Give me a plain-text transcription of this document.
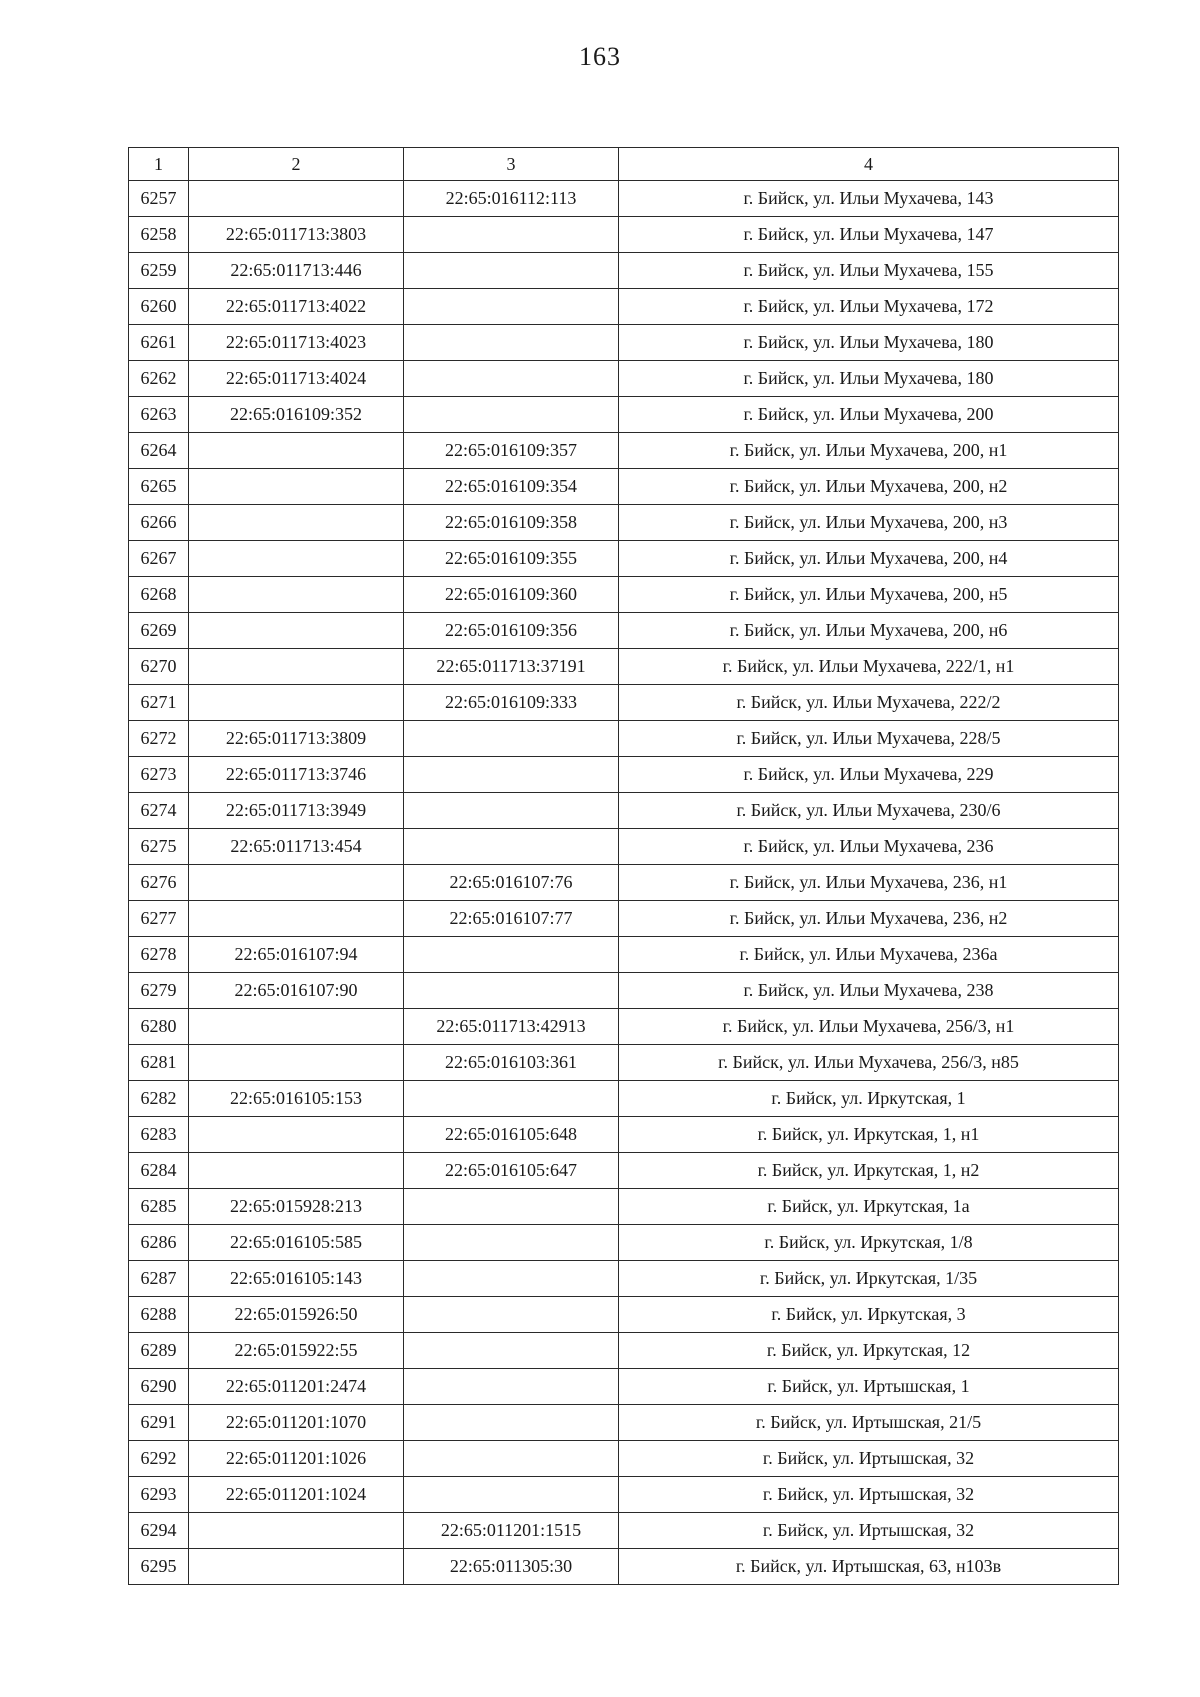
163
1	2	3	4
6257		22:65:016112:113	г. Бийск, ул. Ильи Мухачева, 143
6258	22:65:011713:3803		г. Бийск, ул. Ильи Мухачева, 147
6259	22:65:011713:446		г. Бийск, ул. Ильи Мухачева, 155
6260	22:65:011713:4022		г. Бийск, ул. Ильи Мухачева, 172
6261	22:65:011713:4023		г. Бийск, ул. Ильи Мухачева, 180
6262	22:65:011713:4024		г. Бийск, ул. Ильи Мухачева, 180
6263	22:65:016109:352		г. Бийск, ул. Ильи Мухачева, 200
6264		22:65:016109:357	г. Бийск, ул. Ильи Мухачева, 200, н1
6265		22:65:016109:354	г. Бийск, ул. Ильи Мухачева, 200, н2
6266		22:65:016109:358	г. Бийск, ул. Ильи Мухачева, 200, н3
6267		22:65:016109:355	г. Бийск, ул. Ильи Мухачева, 200, н4
6268		22:65:016109:360	г. Бийск, ул. Ильи Мухачева, 200, н5
6269		22:65:016109:356	г. Бийск, ул. Ильи Мухачева, 200, н6
6270		22:65:011713:37191	г. Бийск, ул. Ильи Мухачева, 222/1, н1
6271		22:65:016109:333	г. Бийск, ул. Ильи Мухачева, 222/2
6272	22:65:011713:3809		г. Бийск, ул. Ильи Мухачева, 228/5
6273	22:65:011713:3746		г. Бийск, ул. Ильи Мухачева, 229
6274	22:65:011713:3949		г. Бийск, ул. Ильи Мухачева, 230/6
6275	22:65:011713:454		г. Бийск, ул. Ильи Мухачева, 236
6276		22:65:016107:76	г. Бийск, ул. Ильи Мухачева, 236, н1
6277		22:65:016107:77	г. Бийск, ул. Ильи Мухачева, 236, н2
6278	22:65:016107:94		г. Бийск, ул. Ильи Мухачева, 236а
6279	22:65:016107:90		г. Бийск, ул. Ильи Мухачева, 238
6280		22:65:011713:42913	г. Бийск, ул. Ильи Мухачева, 256/3, н1
6281		22:65:016103:361	г. Бийск, ул. Ильи Мухачева, 256/3, н85
6282	22:65:016105:153		г. Бийск, ул. Иркутская, 1
6283		22:65:016105:648	г. Бийск, ул. Иркутская, 1, н1
6284		22:65:016105:647	г. Бийск, ул. Иркутская, 1, н2
6285	22:65:015928:213		г. Бийск, ул. Иркутская, 1а
6286	22:65:016105:585		г. Бийск, ул. Иркутская, 1/8
6287	22:65:016105:143		г. Бийск, ул. Иркутская, 1/35
6288	22:65:015926:50		г. Бийск, ул. Иркутская, 3
6289	22:65:015922:55		г. Бийск, ул. Иркутская, 12
6290	22:65:011201:2474		г. Бийск, ул. Иртышская, 1
6291	22:65:011201:1070		г. Бийск, ул. Иртышская, 21/5
6292	22:65:011201:1026		г. Бийск, ул. Иртышская, 32
6293	22:65:011201:1024		г. Бийск, ул. Иртышская, 32
6294		22:65:011201:1515	г. Бийск, ул. Иртышская, 32
6295		22:65:011305:30	г. Бийск, ул. Иртышская, 63, н103в
